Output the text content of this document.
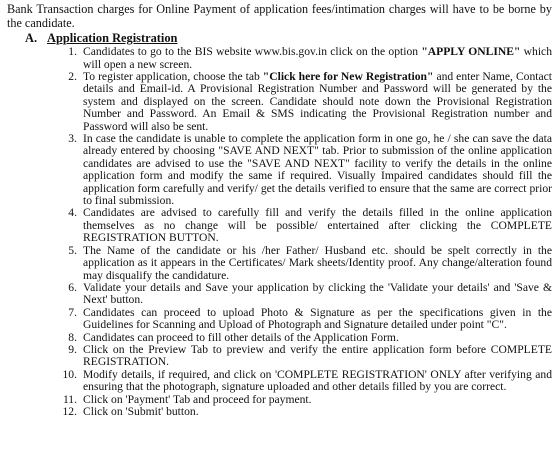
Bank Transaction charges for Online Payment of application fees/intimation charges will have to be borne by the candidate.

A. Application Registration
1. Candidates to go to the BIS website www.bis.gov.in click on the option "APPLY ONLINE" which will open a new screen.
2. To register application, choose the tab "Click here for New Registration" and enter Name, Contact details and Email-id. A Provisional Registration Number and Password will be generated by the system and displayed on the screen. Candidate should note down the Provisional Registration Number and Password. An Email & SMS indicating the Provisional Registration number and Password will also be sent.
3. In case the candidate is unable to complete the application form in one go, he / she can save the data already entered by choosing "SAVE AND NEXT" tab. Prior to submission of the online application candidates are advised to use the "SAVE AND NEXT" facility to verify the details in the online application form and modify the same if required. Visually Impaired candidates should fill the application form carefully and verify/ get the details verified to ensure that the same are correct prior to final submission.
4. Candidates are advised to carefully fill and verify the details filled in the online application themselves as no change will be possible/ entertained after clicking the COMPLETE REGISTRATION BUTTON.
5. The Name of the candidate or his /her Father/ Husband etc. should be spelt correctly in the application as it appears in the Certificates/ Mark sheets/Identity proof. Any change/alteration found may disqualify the candidature.
6. Validate your details and Save your application by clicking the 'Validate your details' and 'Save & Next' button.
7. Candidates can proceed to upload Photo & Signature as per the specifications given in the Guidelines for Scanning and Upload of Photograph and Signature detailed under point "C".
8. Candidates can proceed to fill other details of the Application Form.
9. Click on the Preview Tab to preview and verify the entire application form before COMPLETE REGISTRATION.
10. Modify details, if required, and click on 'COMPLETE REGISTRATION' ONLY after verifying and ensuring that the photograph, signature uploaded and other details filled by you are correct.
11. Click on 'Payment' Tab and proceed for payment.
12. Click on 'Submit' button.
